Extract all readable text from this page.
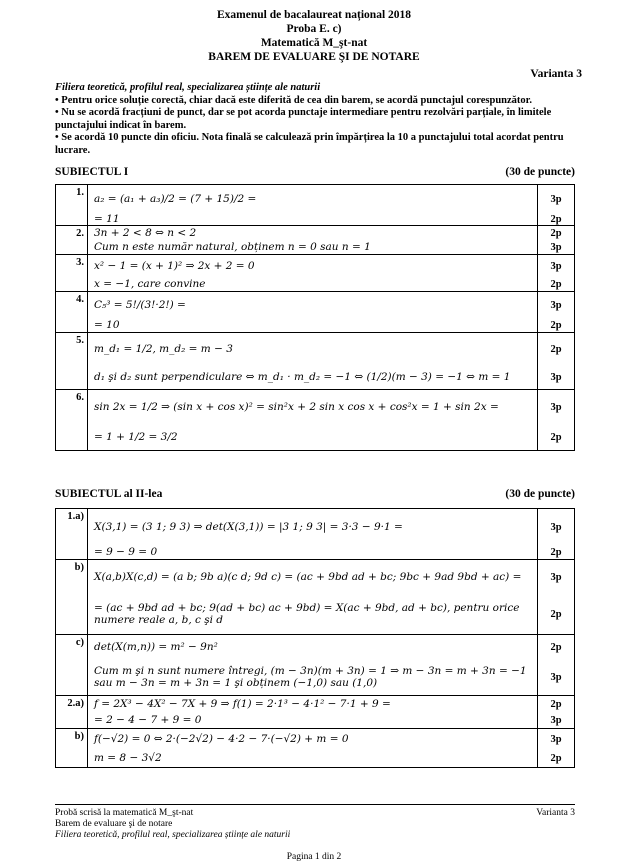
Examenul de bacalaureat național 2018
Proba E. c)
Matematică M_şt-nat
BAREM DE EVALUARE ŞI DE NOTARE
Varianta 3
Filiera teoretică, profilul real, specializarea științe ale naturii
• Pentru orice soluție corectă, chiar dacă este diferită de cea din barem, se acordă punctajul corespunzător.
• Nu se acordă fracțiuni de punct, dar se pot acorda punctaje intermediare pentru rezolvări parțiale, în limitele punctajului indicat în barem.
• Se acordă 10 puncte din oficiu. Nota finală se calculează prin împărțirea la 10 a punctajului total acordat pentru lucrare.
SUBIECTUL I	(30 de puncte)
1.	a₂ = (a₁ + a₃)/2 = (7 + 15)/2 =	3p

= 11	2p

2.	3n + 2 < 8 ⇔ n < 2	2p

Cum n este număr natural, obținem n = 0 sau n = 1	3p

3.	x² − 1 = (x + 1)² ⇒ 2x + 2 = 0	3p

x = −1, care convine	2p

4.	C₅³ = 5!/(3!·2!) =	3p

= 10	2p

5.	m_d₁ = 1/2, m_d₂ = m − 3	2p

d₁ şi d₂ sunt perpendiculare ⇔ m_d₁ · m_d₂ = −1 ⇔ (1/2)(m − 3) = −1 ⇔ m = 1	3p

6.	sin 2x = 1/2 ⇒ (sin x + cos x)² = sin²x + 2 sin x cos x + cos²x = 1 + sin 2x =	3p

= 1 + 1/2 = 3/2	2p
SUBIECTUL al II-lea	(30 de puncte)
1.a)	X(3,1) = (3 1; 9 3) ⇒ det(X(3,1)) = |3 1; 9 3| = 3·3 − 9·1 =	3p

= 9 − 9 = 0	2p

b)	X(a,b)X(c,d) = (a b; 9b a)(c d; 9d c) = (ac + 9bd ad + bc; 9bc + 9ad 9bd + ac) =	3p

= (ac + 9bd ad + bc; 9(ad + bc) ac + 9bd) = X(ac + 9bd, ad + bc), pentru orice numere reale a, b, c şi d	2p

c)	det(X(m,n)) = m² − 9n²	2p

Cum m şi n sunt numere întregi, (m − 3n)(m + 3n) = 1 ⇒ m − 3n = m + 3n = −1 sau m − 3n = m + 3n = 1 şi obținem (−1,0) sau (1,0)	3p

2.a)	f = 2X³ − 4X² − 7X + 9 ⇒ f(1) = 2·1³ − 4·1² − 7·1 + 9 =	2p

= 2 − 4 − 7 + 9 = 0	3p

b)	f(−√2) = 0 ⇔ 2·(−2√2) − 4·2 − 7·(−√2) + m = 0	3p

m = 8 − 3√2	2p
Probă scrisă la matematică M_şt-nat	Varianta 3
Barem de evaluare şi de notare
Filiera teoretică, profilul real, specializarea științe ale naturii
Pagina 1 din 2
